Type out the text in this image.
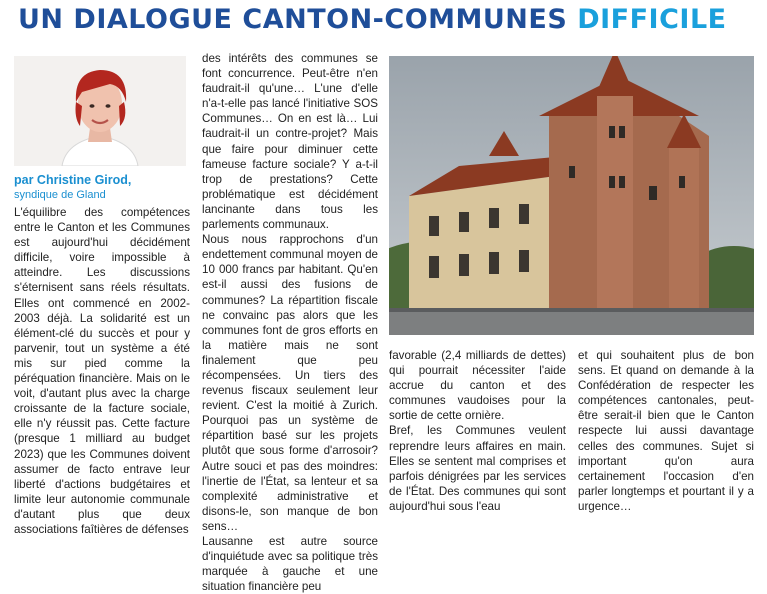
UN DIALOGUE CANTON-COMMUNES DIFFICILE
par Christine Girod,
syndique de Gland
L'équilibre des compétences entre le Canton et les Communes est aujourd'hui décidément difficile, voire impossible à atteindre. Les discussions s'éternisent sans réels résultats. Elles ont commencé en 2002-2003 déjà. La solidarité est un élément-clé du succès et pour y parvenir, tout un système a été mis sur pied comme la péréquation financière. Mais on le voit, d'autant plus avec la charge croissante de la facture sociale, elle n'y réussit pas. Cette facture (presque 1 milliard au budget 2023) que les Communes doivent assumer de facto entrave leur liberté d'actions budgétaires et limite leur autonomie communale d'autant plus que deux associations faîtières de défenses
des intérêts des communes se font concurrence. Peut-être n'en faudrait-il qu'une… L'une d'elle n'a-t-elle pas lancé l'initiative SOS Communes… On en est là… Lui faudrait-il un contre-projet? Mais que faire pour diminuer cette fameuse facture sociale? Y a-t-il trop de prestations? Cette problématique est décidément lancinante dans tous les parlements communaux.
Nous nous rapprochons d'un endettement communal moyen de 10 000 francs par habitant. Qu'en est-il aussi des fusions de communes? La répartition fiscale ne convainc pas alors que les communes font de gros efforts en la matière mais ne sont finalement que peu récompensées. Un tiers des revenus fiscaux seulement leur revient. C'est la moitié à Zurich. Pourquoi pas un système de répartition basé sur les projets plutôt que sous forme d'arrosoir? Autre souci et pas des moindres: l'inertie de l'État, sa lenteur et sa complexité administrative et disons-le, son manque de bon sens…
Lausanne est autre source d'inquiétude avec sa politique très marquée à gauche et une situation financière peu
favorable (2,4 milliards de dettes) qui pourrait nécessiter l'aide accrue du canton et des communes vaudoises pour la sortie de cette ornière.
Bref, les Communes veulent reprendre leurs affaires en main. Elles se sentent mal comprises et parfois dénigrées par les services de l'État. Des communes qui sont aujourd'hui sous l'eau
et qui souhaitent plus de bon sens. Et quand on demande à la Confédération de respecter les compétences cantonales, peut-être serait-il bien que le Canton respecte lui aussi davantage celles des communes. Sujet si important qu'on aura certainement l'occasion d'en parler longtemps et pourtant il y a urgence…
